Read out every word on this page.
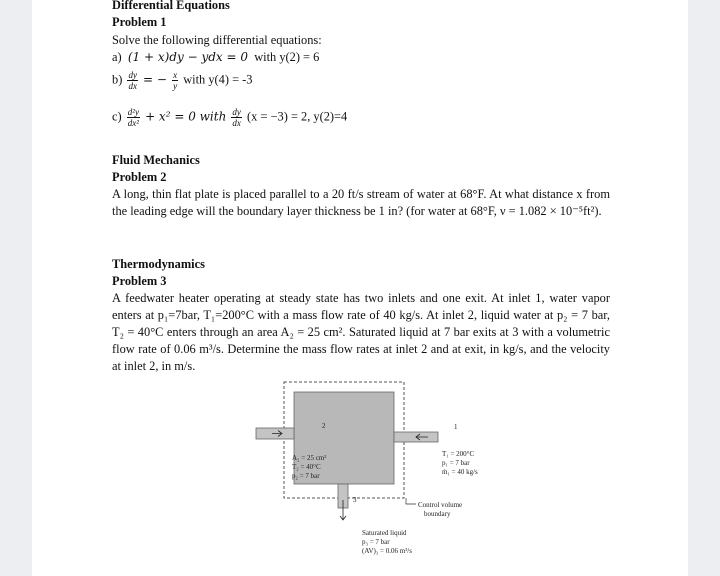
Differential Equations
Problem 1
Solve the following differential equations:
a) (1 + x)dy − ydx = 0 with y(2) = 6
$b) \frac{dy}{dx}$ = − $\frac{x}{y}$ with y(4) = -3
$c) \frac{\text{d²y}}{\text{dx²}} + x^2 = 0$ with $\frac{dy}{dx} (x = -3) = 2$, y(2)=4
Fluid Mechanics
Problem 2
A long, thin flat plate is placed parallel to a 20 ft/s stream of water at 68°F. At what distance x from the leading edge will the boundary layer thickness be 1 in? (for water at 68°F, ν = 1.082 × 10⁻⁵ft²).
Thermodynamics
Problem 3
A feedwater heater operating at steady state has two inlets and one exit. At inlet 1, water vapor enters at p₁=7bar, T₁=200°C with a mass flow rate of 40 kg/s. At inlet 2, liquid water at p₂ = 7 bar, T₂ = 40°C enters through an area A₂ = 25 cm². Saturated liquid at 7 bar exits at 3 with a volumetric flow rate of 0.06 m³/s. Determine the mass flow rates at inlet 2 and at exit, in kg/s, and the velocity at inlet 2, in m/s.
2	1
3
A₂ = 25 cm²
T₂ = 40°C
p₂ = 7 bar
T₁ = 200°C
p₁ = 7 bar
ṁ₁ = 40 kg/s
Control volume
boundary
Saturated liquid
p₃ = 7 bar
(AV)₃ = 0.06 m³/s
